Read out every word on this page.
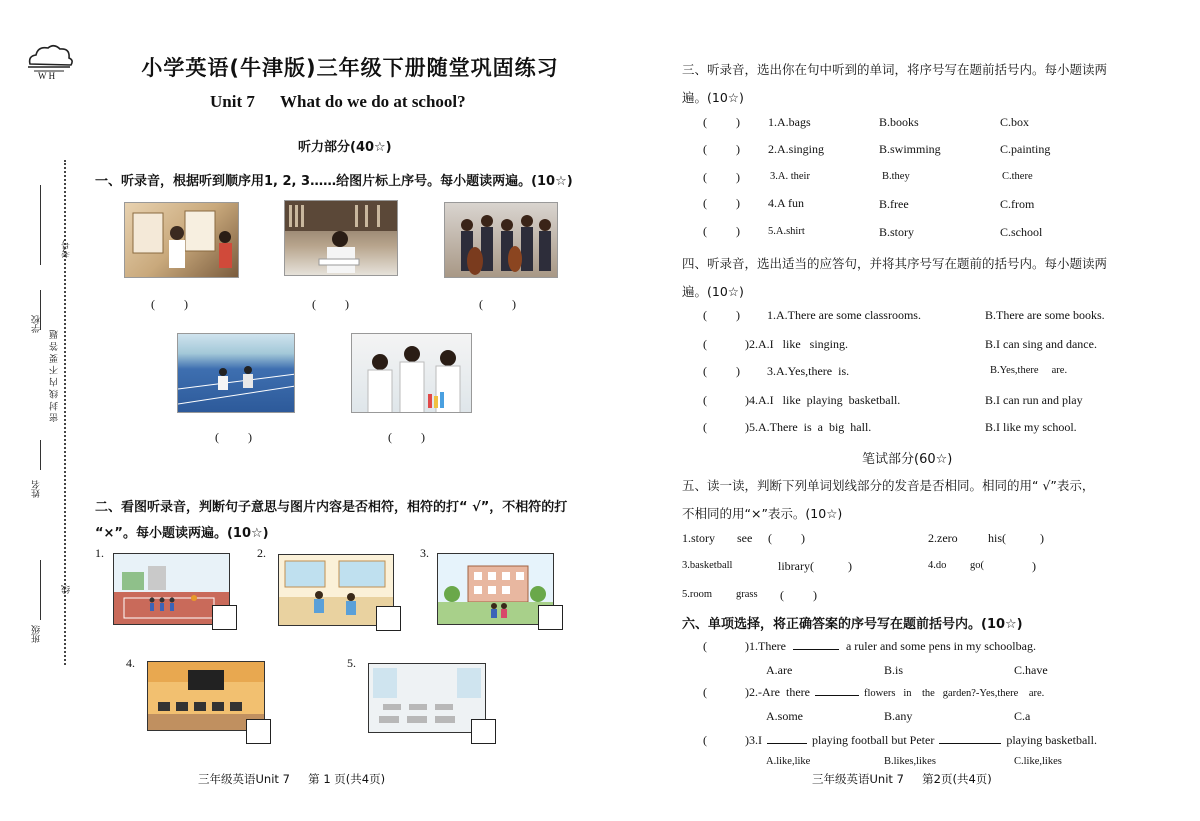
W H
考号
学校
密 封 线 内 不 要 答 题
姓名
线
班级
小学英语(牛津版)三年级下册随堂巩固练习
Unit 7      What do we do at school?
听力部分(40☆)
一、听录音，根据听到顺序用1, 2, 3……给图片标上序号。每小题读两遍。(10☆)
(       )	(       )	(       )
(       )	(       )
二、看图听录音，判断句子意思与图片内容是否相符，相符的打“ √”，不相符的打
“×”。每小题读两遍。(10☆)
1.	2.	3.
4.	5.
三年级英语Unit 7     第 1 页(共4页)
三、听录音，选出你在句中听到的单词，将序号写在题前括号内。每小题读两
遍。(10☆)
(       ) 1.A.bags	B.books	C.box
(       ) 2.A.singing	B.swimming	C.painting
(       )	3.A. their	B.they	C.there
(       ) 4.A fun	B.free	C.from
(       )	5.A.shirt	B.story	C.school
四、听录音，选出适当的应答句，并将其序号写在题前的括号内。每小题读两
遍。(10☆)
(       ) 1.A.There are some classrooms.	B.There are some books.
(	)2.A.I   like   singing.	B.I can sing and dance.
(       ) 3.A.Yes,there  is.	B.Yes,there     are.
(	)4.A.I   like  playing  basketball.	B.I can run and play
(	)5.A.There  is  a  big  hall.	B.I like my school.
笔试部分(60☆)
五、读一读，判断下列单词划线部分的发音是否相同。相同的用“ √”表示，
不相同的用“×”表示。(10☆)
1.story see (       )	2.zero	his(	)
3.basketball	library(	)	4.do go(	)
5.room grass (       )
六、单项选择，将正确答案的序号写在题前括号内。(10☆)
(	)1.There	a ruler and some pens in my schoolbag.
A.are	B.is	C.have
(	)2.-Are  there	flowers   in    the   garden?-Yes,there    are.
A.some	B.any	C.a
(	)3.I	playing football but Peter	playing basketball.
A.like,like	B.likes,likes	C.like,likes
三年级英语Unit 7     第2页(共4页)
